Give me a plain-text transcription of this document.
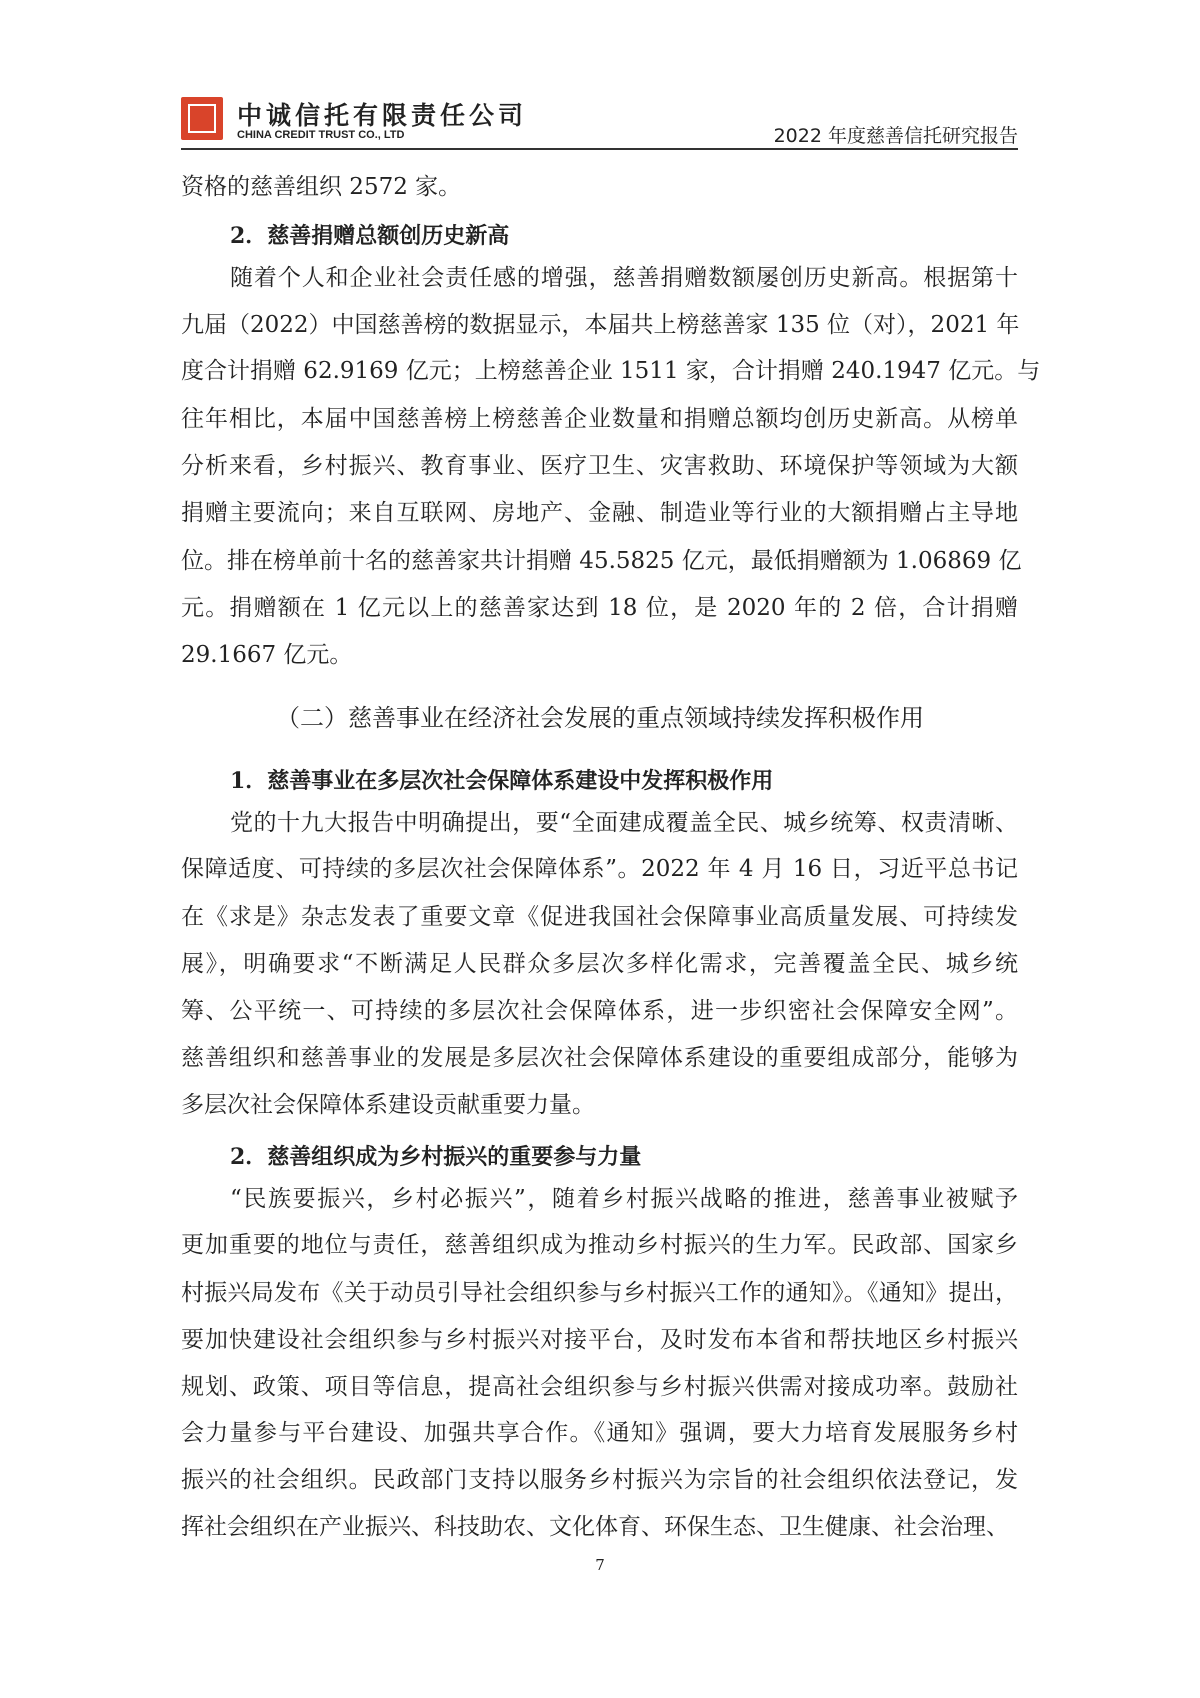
中诚信托有限责任公司
CHINA CREDIT TRUST CO., LTD	2022 年度慈善信托研究报告
资格的慈善组织 2572 家。
2．慈善捐赠总额创历史新高
随着个人和企业社会责任感的增强，慈善捐赠数额屡创历史新高。根据第十
九届（2022）中国慈善榜的数据显示，本届共上榜慈善家 135 位（对），2021 年
度合计捐赠 62.9169 亿元；上榜慈善企业 1511 家，合计捐赠 240.1947 亿元。与
往年相比，本届中国慈善榜上榜慈善企业数量和捐赠总额均创历史新高。从榜单
分析来看，乡村振兴、教育事业、医疗卫生、灾害救助、环境保护等领域为大额
捐赠主要流向；来自互联网、房地产、金融、制造业等行业的大额捐赠占主导地
位。排在榜单前十名的慈善家共计捐赠 45.5825 亿元，最低捐赠额为 1.06869 亿
元。捐赠额在 1 亿元以上的慈善家达到 18 位，是 2020 年的 2 倍，合计捐赠
29.1667 亿元。
（二）慈善事业在经济社会发展的重点领域持续发挥积极作用
1．慈善事业在多层次社会保障体系建设中发挥积极作用
党的十九大报告中明确提出，要“全面建成覆盖全民、城乡统筹、权责清晰、
保障适度、可持续的多层次社会保障体系”。2022 年 4 月 16 日，习近平总书记
在《求是》杂志发表了重要文章《促进我国社会保障事业高质量发展、可持续发
展》，明确要求“不断满足人民群众多层次多样化需求，完善覆盖全民、城乡统
筹、公平统一、可持续的多层次社会保障体系，进一步织密社会保障安全网”。
慈善组织和慈善事业的发展是多层次社会保障体系建设的重要组成部分，能够为
多层次社会保障体系建设贡献重要力量。
2．慈善组织成为乡村振兴的重要参与力量
“民族要振兴，乡村必振兴”，随着乡村振兴战略的推进，慈善事业被赋予
更加重要的地位与责任，慈善组织成为推动乡村振兴的生力军。民政部、国家乡
村振兴局发布《关于动员引导社会组织参与乡村振兴工作的通知》。《通知》提出，
要加快建设社会组织参与乡村振兴对接平台，及时发布本省和帮扶地区乡村振兴
规划、政策、项目等信息，提高社会组织参与乡村振兴供需对接成功率。鼓励社
会力量参与平台建设、加强共享合作。《通知》强调，要大力培育发展服务乡村
振兴的社会组织。民政部门支持以服务乡村振兴为宗旨的社会组织依法登记，发
挥社会组织在产业振兴、科技助农、文化体育、环保生态、卫生健康、社会治理、
7
